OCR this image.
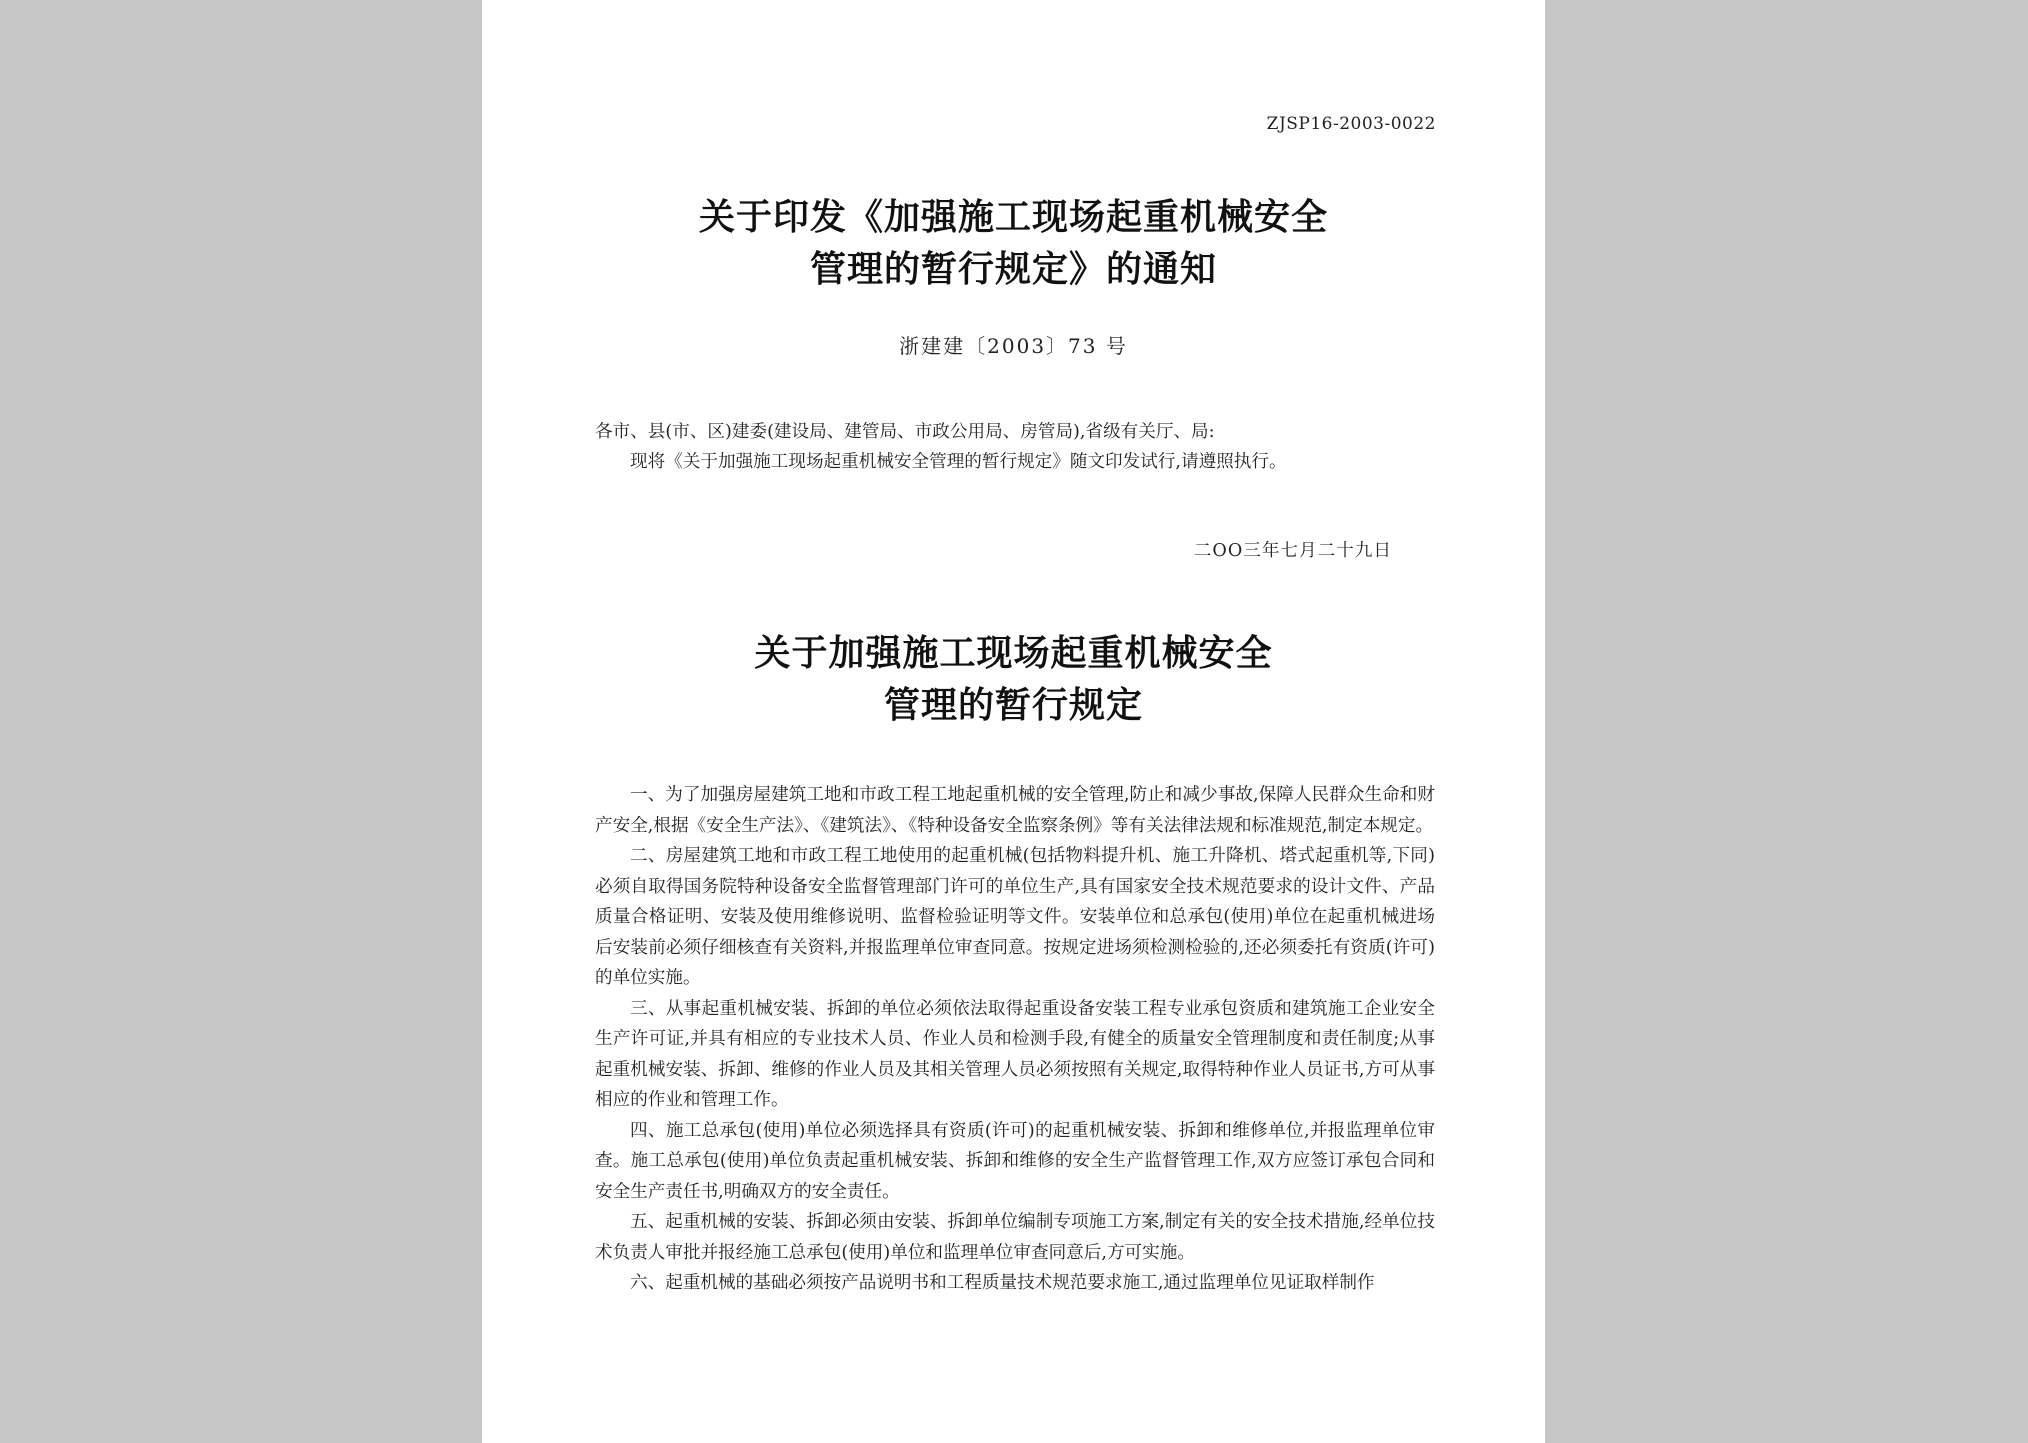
ZJSP16-2003-0022
关于印发《加强施工现场起重机械安全
管理的暂行规定》的通知
浙建建〔2003〕73 号
各市、县(市、区)建委(建设局、建管局、市政公用局、房管局),省级有关厅、局:
现将《关于加强施工现场起重机械安全管理的暂行规定》随文印发试行,请遵照执行。
二OO三年七月二十九日
关于加强施工现场起重机械安全
管理的暂行规定

一、为了加强房屋建筑工地和市政工程工地起重机械的安全管理,防止和减少事故,保障人民群众生命和财产安全,根据《安全生产法》、《建筑法》、《特种设备安全监察条例》等有关法律法规和标准规范,制定本规定。

二、房屋建筑工地和市政工程工地使用的起重机械(包括物料提升机、施工升降机、塔式起重机等,下同)必须自取得国务院特种设备安全监督管理部门许可的单位生产,具有国家安全技术规范要求的设计文件、产品质量合格证明、安装及使用维修说明、监督检验证明等文件。安装单位和总承包(使用)单位在起重机械进场后安装前必须仔细核查有关资料,并报监理单位审查同意。按规定进场须检测检验的,还必须委托有资质(许可)的单位实施。

三、从事起重机械安装、拆卸的单位必须依法取得起重设备安装工程专业承包资质和建筑施工企业安全生产许可证,并具有相应的专业技术人员、作业人员和检测手段,有健全的质量安全管理制度和责任制度;从事起重机械安装、拆卸、维修的作业人员及其相关管理人员必须按照有关规定,取得特种作业人员证书,方可从事相应的作业和管理工作。

四、施工总承包(使用)单位必须选择具有资质(许可)的起重机械安装、拆卸和维修单位,并报监理单位审查。施工总承包(使用)单位负责起重机械安装、拆卸和维修的安全生产监督管理工作,双方应签订承包合同和安全生产责任书,明确双方的安全责任。

五、起重机械的安装、拆卸必须由安装、拆卸单位编制专项施工方案,制定有关的安全技术措施,经单位技术负责人审批并报经施工总承包(使用)单位和监理单位审查同意后,方可实施。

六、起重机械的基础必须按产品说明书和工程质量技术规范要求施工,通过监理单位见证取样制作
